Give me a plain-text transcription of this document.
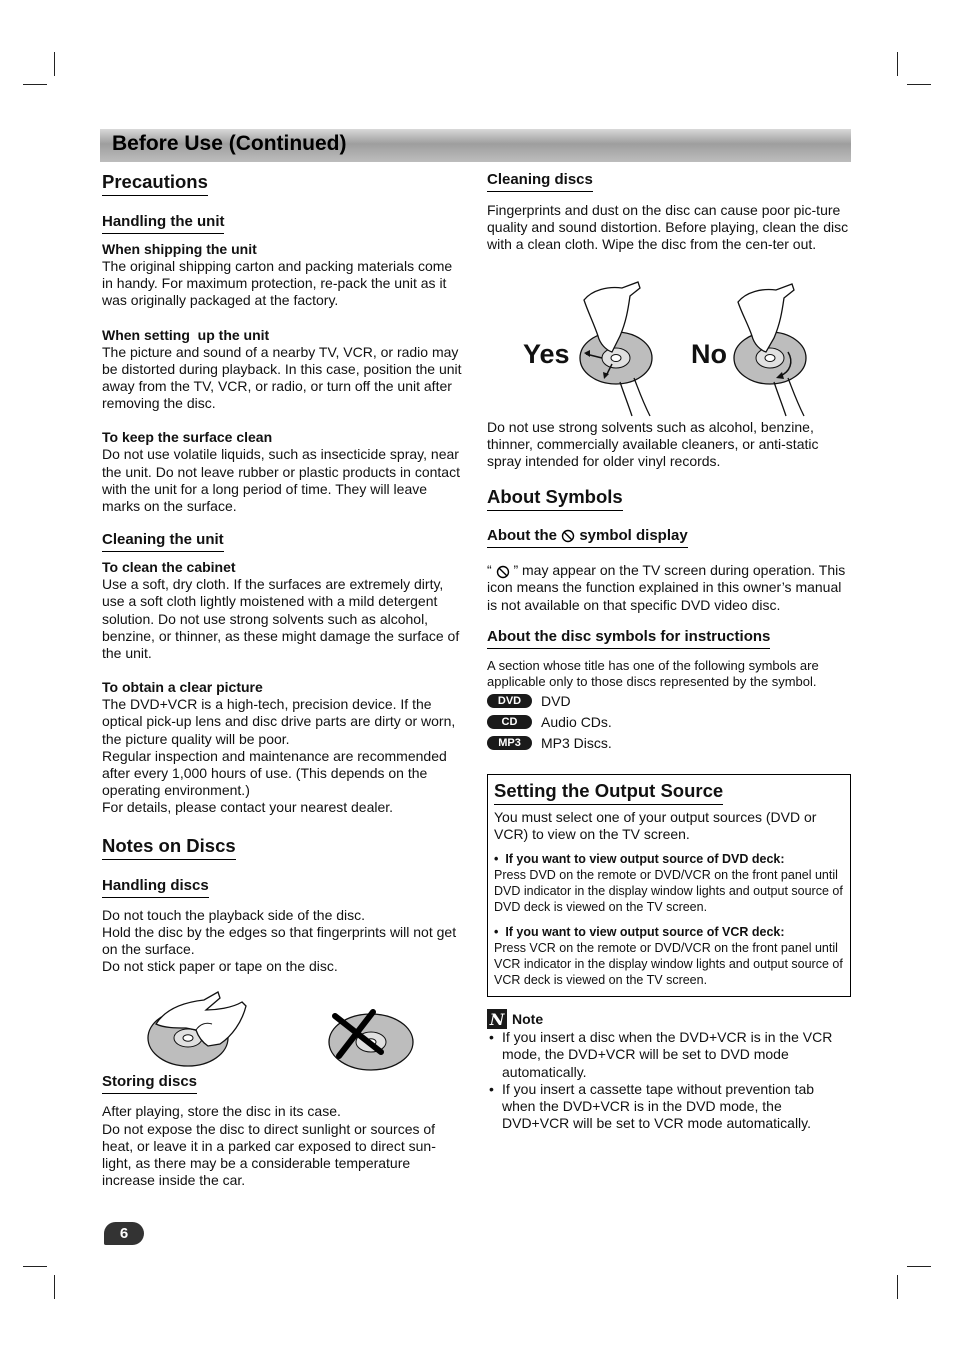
Before Use (Continued)
Precautions
Handling the unit
When shipping the unit

The original shipping carton and packing materials come in handy. For maximum protection, re-pack the unit as it was originally packaged at the factory.

When setting  up the unit

The picture and sound of a nearby TV, VCR, or radio may be distorted during playback. In this case, position the unit away from the TV, VCR, or radio, or turn off the unit after removing the disc.

To keep the surface clean

Do not use volatile liquids, such as insecticide spray, near the unit. Do not leave rubber or plastic products in contact with the unit for a long period of time. They will leave marks on the surface.

Cleaning the unit
To clean the cabinet

Use a soft, dry cloth. If the surfaces are extremely dirty, use a soft cloth lightly moistened with a mild detergent solution. Do not use strong solvents such as alcohol, benzine, or thinner, as these might damage the surface of the unit.

To obtain a clear picture

The DVD+VCR is a high-tech, precision device. If the optical pick-up lens and disc drive parts are dirty or worn, the picture quality will be poor.

Regular inspection and maintenance are recommended after every 1,000 hours of use. (This depends on the operating environment.)

For details, please contact your nearest dealer.

Notes on Discs
Handling discs

Do not touch the playback side of the disc.

Hold the disc by the edges so that fingerprints will not get on the surface.

Do not stick paper or tape on the disc.

Storing discs

After playing, store the disc in its case.

Do not expose the disc to direct sunlight or sources of heat, or leave it in a parked car exposed to direct sun-light, as there may be a considerable temperature increase inside the car.

Cleaning discs

Fingerprints and dust on the disc can cause poor pic-ture quality and sound distortion. Before playing, clean the disc with a clean cloth. Wipe the disc from the cen-ter out.

Do not use strong solvents such as alcohol, benzine, thinner, commercially available cleaners, or anti-static spray intended for older vinyl records.

About Symbols
About the symbol display

“ ” may appear on the TV screen during operation. This icon means the function explained in this owner’s manual is not available on that specific DVD video disc.

About the disc symbols for instructions

A section whose title has one of the following symbols are applicable only to those discs represented by the symbol.

DVD	DVD
CD	Audio CDs.
MP3	MP3 Discs.
Setting the Output Source

You must select one of your output sources (DVD or VCR) to view on the TV screen.

•  If you want to view output source of DVD deck:

Press DVD on the remote or DVD/VCR on the front panel until DVD indicator in the display window lights and output source of DVD deck is viewed on the TV screen.

•  If you want to view output source of VCR deck:

Press VCR on the remote or DVD/VCR on the front panel until VCR indicator in the display window lights and output source of VCR deck is viewed on the TV screen.

N Note
• If you insert a disc when the DVD+VCR is in the VCR mode, the DVD+VCR will be set to DVD mode automatically.
• If you insert a cassette tape without prevention tab when the DVD+VCR is in the DVD mode, the DVD+VCR will be set to VCR mode automatically.
Yes	No
6
